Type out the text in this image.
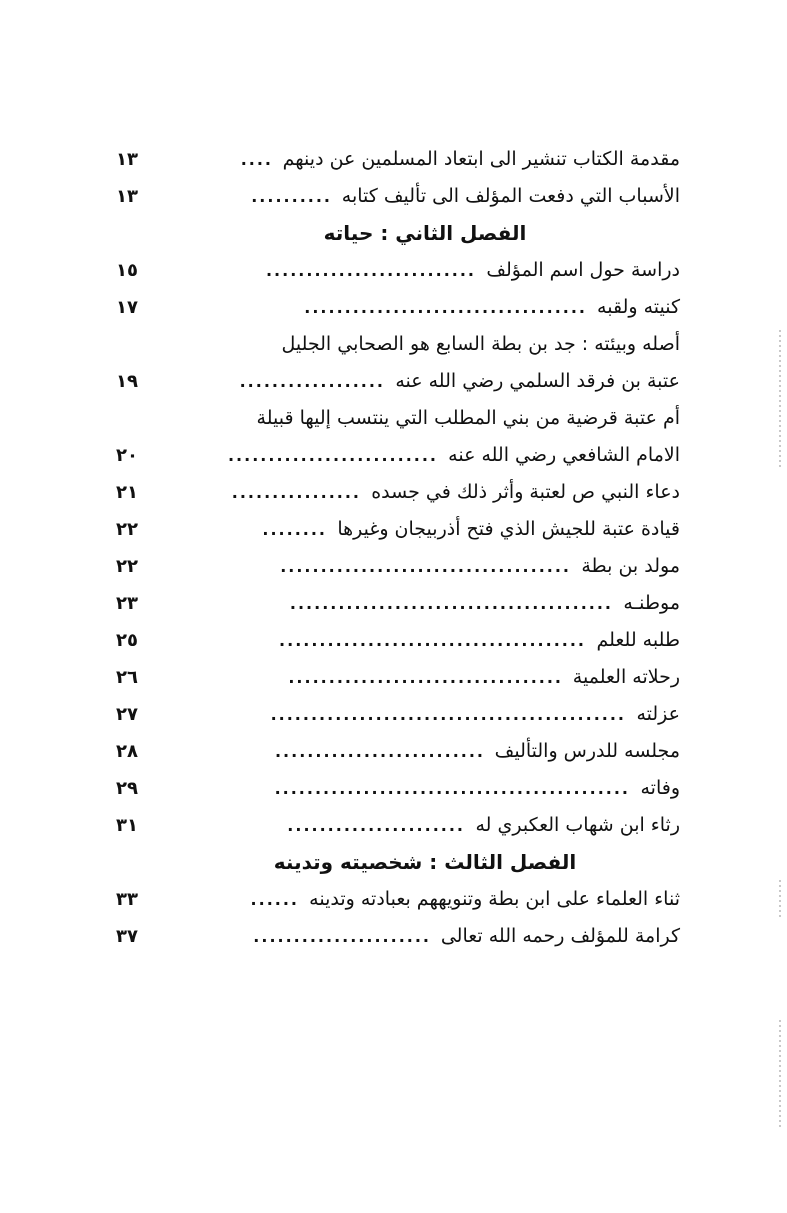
مقدمة الكتاب تنشير الى ابتعاد المسلمين عن دينهم
....
١٣
الأسباب التي دفعت المؤلف الى تأليف كتابه
..........
١٣
الفصل الثاني : حياته
دراسة حول اسم المؤلف
..........................
١٥
كنيته ولقبه
...................................
١٧
أصله وبيئته : جد بن بطة السابع هو الصحابي الجليل
عتبة بن فرقد السلمي رضي الله عنه
..................
١٩
أم عتبة قرضية من بني المطلب التي ينتسب إليها قبيلة
الامام الشافعي رضي الله عنه
..........................
٢٠
دعاء النبي ص لعتبة وأثر ذلك في جسده
................
٢١
قيادة عتبة للجيش الذي فتح أذربيجان وغيرها
........
٢٢
مولد بن بطة
....................................
٢٢
موطنـه
........................................
٢٣
طلبه للعلم
......................................
٢٥
رحلاته العلمية
..................................
٢٦
عزلته
............................................
٢٧
مجلسه للدرس والتأليف
..........................
٢٨
وفاته
............................................
٢٩
رثاء ابن شهاب العكبري له
......................
٣١
الفصل الثالث : شخصيته وتدينه
ثناء العلماء على ابن بطة وتنويههم بعبادته وتدينه
......
٣٣
كرامة للمؤلف رحمه الله تعالى
......................
٣٧
